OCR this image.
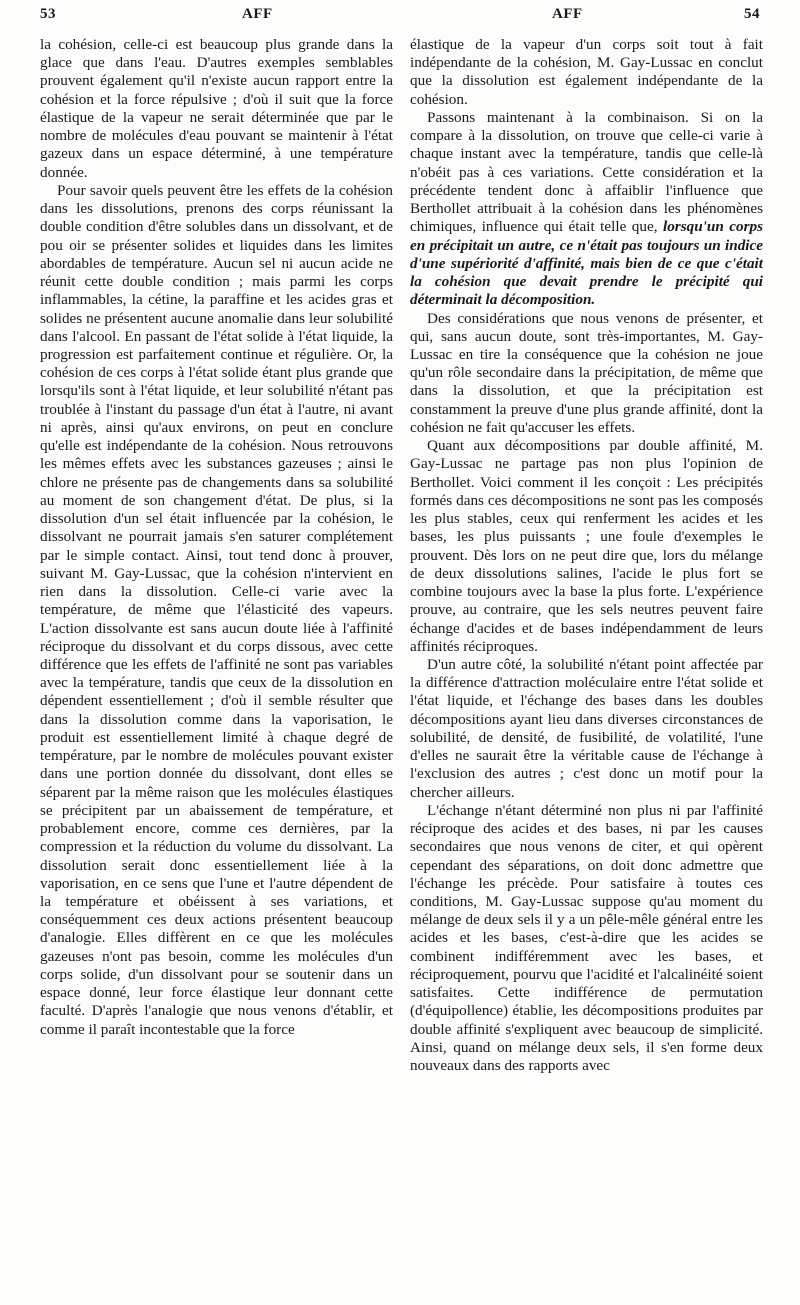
53	AFF	AFF	54

la cohésion, celle-ci est beaucoup plus grande dans la glace que dans l'eau. D'autres exemples semblables prouvent également qu'il n'existe aucun rapport entre la cohésion et la force répulsive ; d'où il suit que la force élastique de la vapeur ne serait déterminée que par le nombre de molécules d'eau pouvant se maintenir à l'état gazeux dans un espace déterminé, à une température donnée.

Pour savoir quels peuvent être les effets de la cohésion dans les dissolutions, prenons des corps réunissant la double condition d'être solubles dans un dissolvant, et de pou oir se présenter solides et liquides dans les limites abordables de température. Aucun sel ni aucun acide ne réunit cette double condition ; mais parmi les corps inflammables, la cétine, la paraffine et les acides gras et solides ne présentent aucune anomalie dans leur solubilité dans l'alcool. En passant de l'état solide à l'état liquide, la progression est parfaitement continue et régulière. Or, la cohésion de ces corps à l'état solide étant plus grande que lorsqu'ils sont à l'état liquide, et leur solubilité n'étant pas troublée à l'instant du passage d'un état à l'autre, ni avant ni après, ainsi qu'aux environs, on peut en conclure qu'elle est indépendante de la cohésion. Nous retrouvons les mêmes effets avec les substances gazeuses ; ainsi le chlore ne présente pas de changements dans sa solubilité au moment de son changement d'état. De plus, si la dissolution d'un sel était influencée par la cohésion, le dissolvant ne pourrait jamais s'en saturer complétement par le simple contact. Ainsi, tout tend donc à prouver, suivant M. Gay-Lussac, que la cohésion n'intervient en rien dans la dissolution. Celle-ci varie avec la température, de même que l'élasticité des vapeurs. L'action dissolvante est sans aucun doute liée à l'affinité réciproque du dissolvant et du corps dissous, avec cette différence que les effets de l'affinité ne sont pas variables avec la température, tandis que ceux de la dissolution en dépendent essentiellement ; d'où il semble résulter que dans la dissolution comme dans la vaporisation, le produit est essentiellement limité à chaque degré de température, par le nombre de molécules pouvant exister dans une portion donnée du dissolvant, dont elles se séparent par la même raison que les molécules élastiques se précipitent par un abaissement de température, et probablement encore, comme ces dernières, par la compression et la réduction du volume du dissolvant. La dissolution serait donc essentiellement liée à la vaporisation, en ce sens que l'une et l'autre dépendent de la température et obéissent à ses variations, et conséquemment ces deux actions présentent beaucoup d'analogie. Elles diffèrent en ce que les molécules gazeuses n'ont pas besoin, comme les molécules d'un corps solide, d'un dissolvant pour se soutenir dans un espace donné, leur force élastique leur donnant cette faculté. D'après l'analogie que nous venons d'établir, et comme il paraît incontestable que la force

élastique de la vapeur d'un corps soit tout à fait indépendante de la cohésion, M. Gay-Lussac en conclut que la dissolution est également indépendante de la cohésion.

Passons maintenant à la combinaison. Si on la compare à la dissolution, on trouve que celle-ci varie à chaque instant avec la température, tandis que celle-là n'obéit pas à ces variations. Cette considération et la précédente tendent donc à affaiblir l'influence que Berthollet attribuait à la cohésion dans les phénomènes chimiques, influence qui était telle que, lorsqu'un corps en précipitait un autre, ce n'était pas toujours un indice d'une supériorité d'affinité, mais bien de ce que c'était la cohésion que devait prendre le précipité qui déterminait la décomposition.

Des considérations que nous venons de présenter, et qui, sans aucun doute, sont très-importantes, M. Gay-Lussac en tire la conséquence que la cohésion ne joue qu'un rôle secondaire dans la précipitation, de même que dans la dissolution, et que la précipitation est constamment la preuve d'une plus grande affinité, dont la cohésion ne fait qu'accuser les effets.

Quant aux décompositions par double affinité, M. Gay-Lussac ne partage pas non plus l'opinion de Berthollet. Voici comment il les conçoit : Les précipités formés dans ces décompositions ne sont pas les composés les plus stables, ceux qui renferment les acides et les bases, les plus puissants ; une foule d'exemples le prouvent. Dès lors on ne peut dire que, lors du mélange de deux dissolutions salines, l'acide le plus fort se combine toujours avec la base la plus forte. L'expérience prouve, au contraire, que les sels neutres peuvent faire échange d'acides et de bases indépendamment de leurs affinités réciproques.

D'un autre côté, la solubilité n'étant point affectée par la différence d'attraction moléculaire entre l'état solide et l'état liquide, et l'échange des bases dans les doubles décompositions ayant lieu dans diverses circonstances de solubilité, de densité, de fusibilité, de volatilité, l'une d'elles ne saurait être la véritable cause de l'échange à l'exclusion des autres ; c'est donc un motif pour la chercher ailleurs.

L'échange n'étant déterminé non plus ni par l'affinité réciproque des acides et des bases, ni par les causes secondaires que nous venons de citer, et qui opèrent cependant des séparations, on doit donc admettre que l'échange les précède. Pour satisfaire à toutes ces conditions, M. Gay-Lussac suppose qu'au moment du mélange de deux sels il y a un pêle-mêle général entre les acides et les bases, c'est-à-dire que les acides se combinent indifféremment avec les bases, et réciproquement, pourvu que l'acidité et l'alcalinéité soient satisfaites. Cette indifférence de permutation (d'équipollence) établie, les décompositions produites par double affinité s'expliquent avec beaucoup de simplicité. Ainsi, quand on mélange deux sels, il s'en forme deux nouveaux dans des rapports avec
